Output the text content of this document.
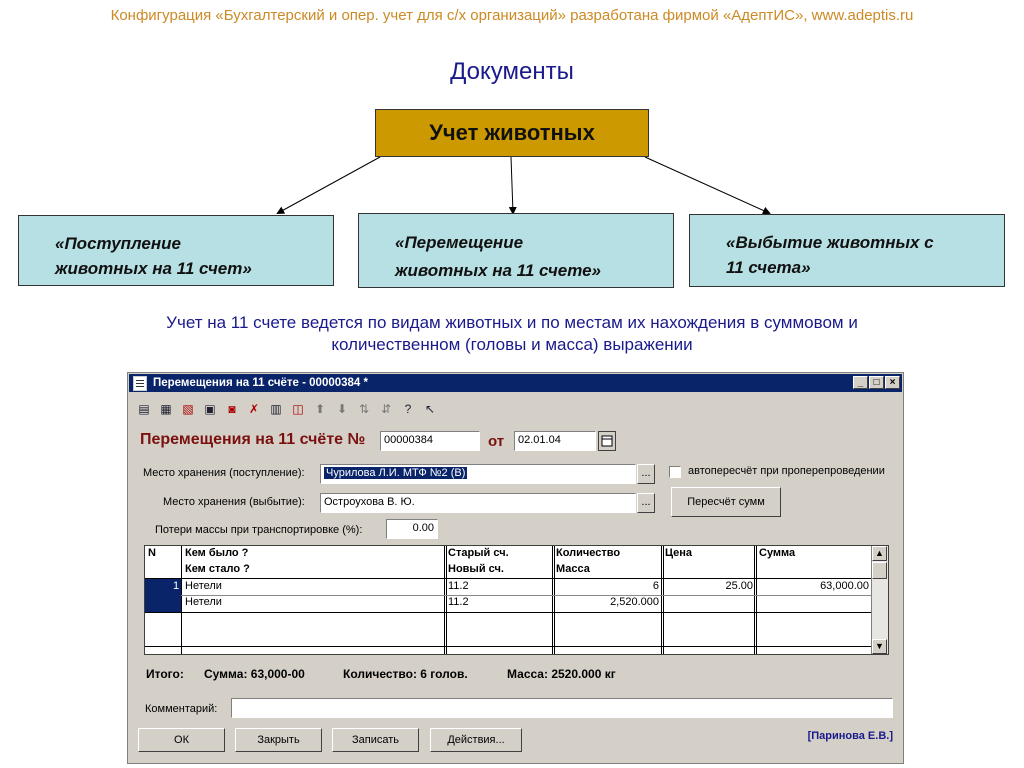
Конфигурация «Бухгалтерский и опер. учет для с/х организаций» разработана фирмой «АдептИС», www.adeptis.ru
Документы
Учет животных
«Поступление
животных на 11 счет»
«Перемещение
животных на 11 счете»
«Выбытие животных с
11 счета»
Учет на 11 счете ведется по видам животных и по местам их нахождения в суммовом и
количественном (головы и масса) выражении
Перемещения на 11 счёте - 00000384 *	_	□	×
▤ ▦ ▧ ▣	◙	✗ ▥ ◫ ⬆ ⬇ ⇅ ⇵	?	↖
Перемещения на 11 счёте №	00000384	от	02.01.04
Место хранения (поступление):	Чурилова Л.И. МТФ №2 (В)	...	автопересчёт при проперепроведении
Место хранения (выбытие):	Остроухова В. Ю.	...	Пересчёт сумм
Потери массы при транспортировке (%):	0.00
N	Кем было ?	Старый сч.	Количество	Цена	Сумма
Кем стало ?	Новый сч.	Масса
1 Нетели	11.2	6	25.00	63,000.00
Нетели	11.2	2,520.000
▲
▼
Итого: Сумма: 63,000-00	Количество: 6 голов.	Масса: 2520.000 кг
Комментарий:
ОК	Закрыть	Записать	Действия...	[Паринова Е.В.]
